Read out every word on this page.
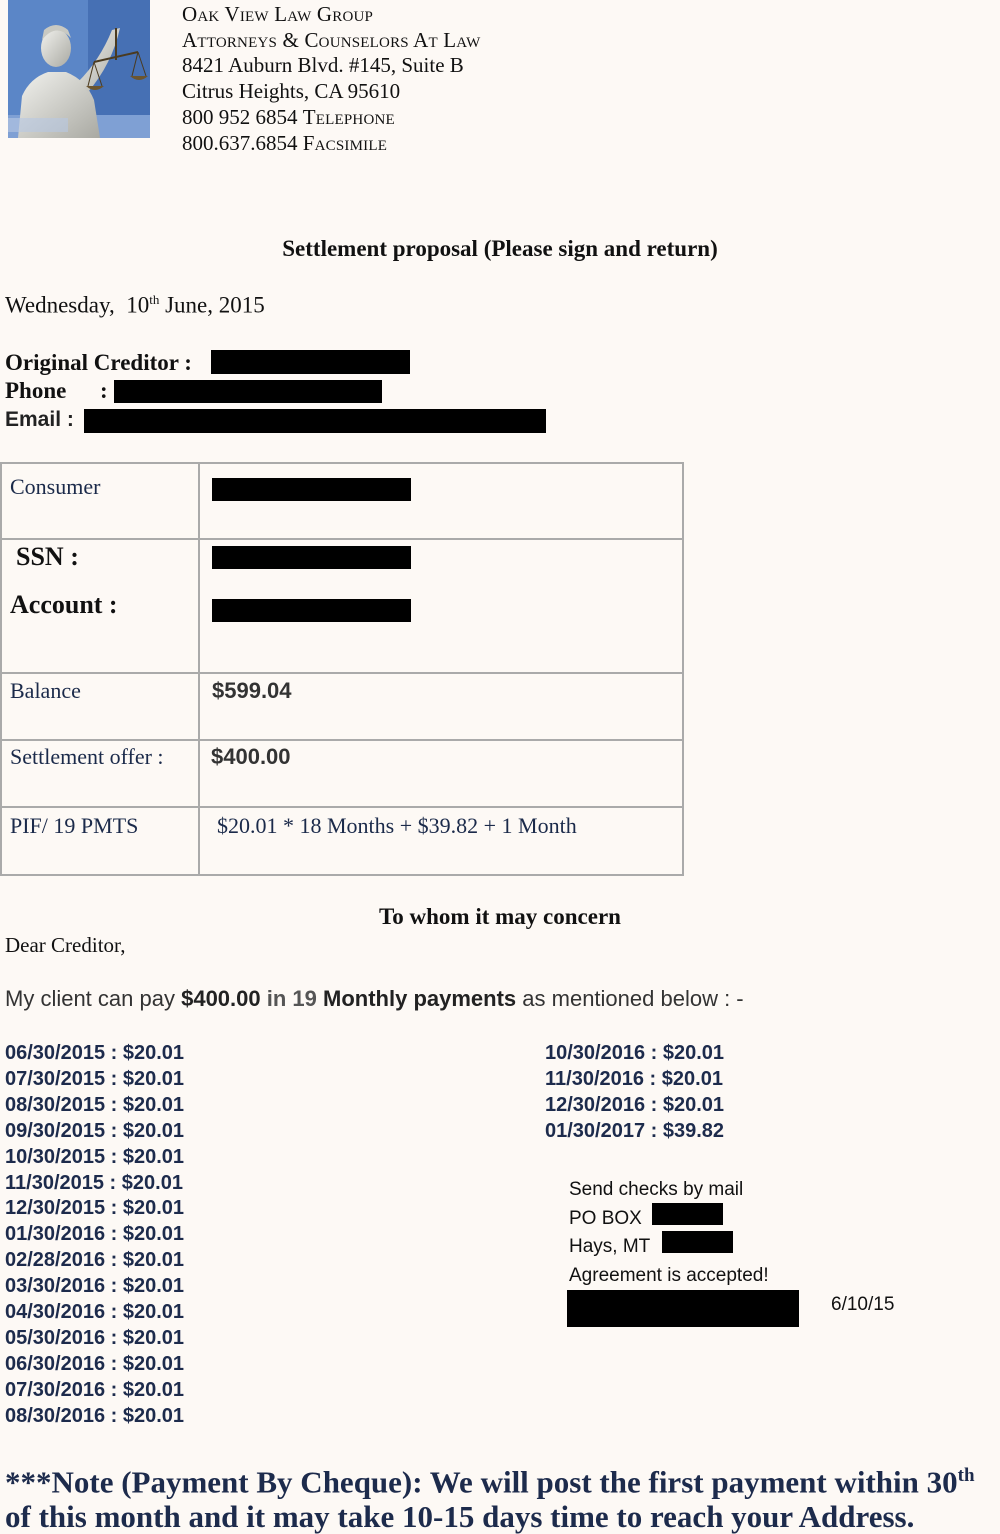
Oak View Law Group
Attorneys & Counselors At Law
8421 Auburn Blvd. #145, Suite B
Citrus Heights, CA 95610
800 952 6854 Telephone
800.637.6854 Facsimile
Settlement proposal (Please sign and return)
Wednesday, 10th June, 2015
Original Creditor :
Phone :
Email :
Consumer	

SSN :
Account :	

Balance	$599.04

Settlement offer :	$400.00

PIF/ 19 PMTS	$20.01 * 18 Months + $39.82 + 1 Month
To whom it may concern
Dear Creditor,
My client can pay $400.00 in 19 Monthly payments as mentioned below : -
06/30/2015 : $20.01
07/30/2015 : $20.01
08/30/2015 : $20.01
09/30/2015 : $20.01
10/30/2015 : $20.01
11/30/2015 : $20.01
12/30/2015 : $20.01
01/30/2016 : $20.01
02/28/2016 : $20.01
03/30/2016 : $20.01
04/30/2016 : $20.01
05/30/2016 : $20.01
06/30/2016 : $20.01
07/30/2016 : $20.01
08/30/2016 : $20.01
10/30/2016 : $20.01
11/30/2016 : $20.01
12/30/2016 : $20.01
01/30/2017 : $39.82
Send checks by mail
PO BOX
Hays, MT
Agreement is accepted!
6/10/15
***Note (Payment By Cheque): We will post the first payment within 30th
of this month and it may take 10-15 days time to reach your Address.
